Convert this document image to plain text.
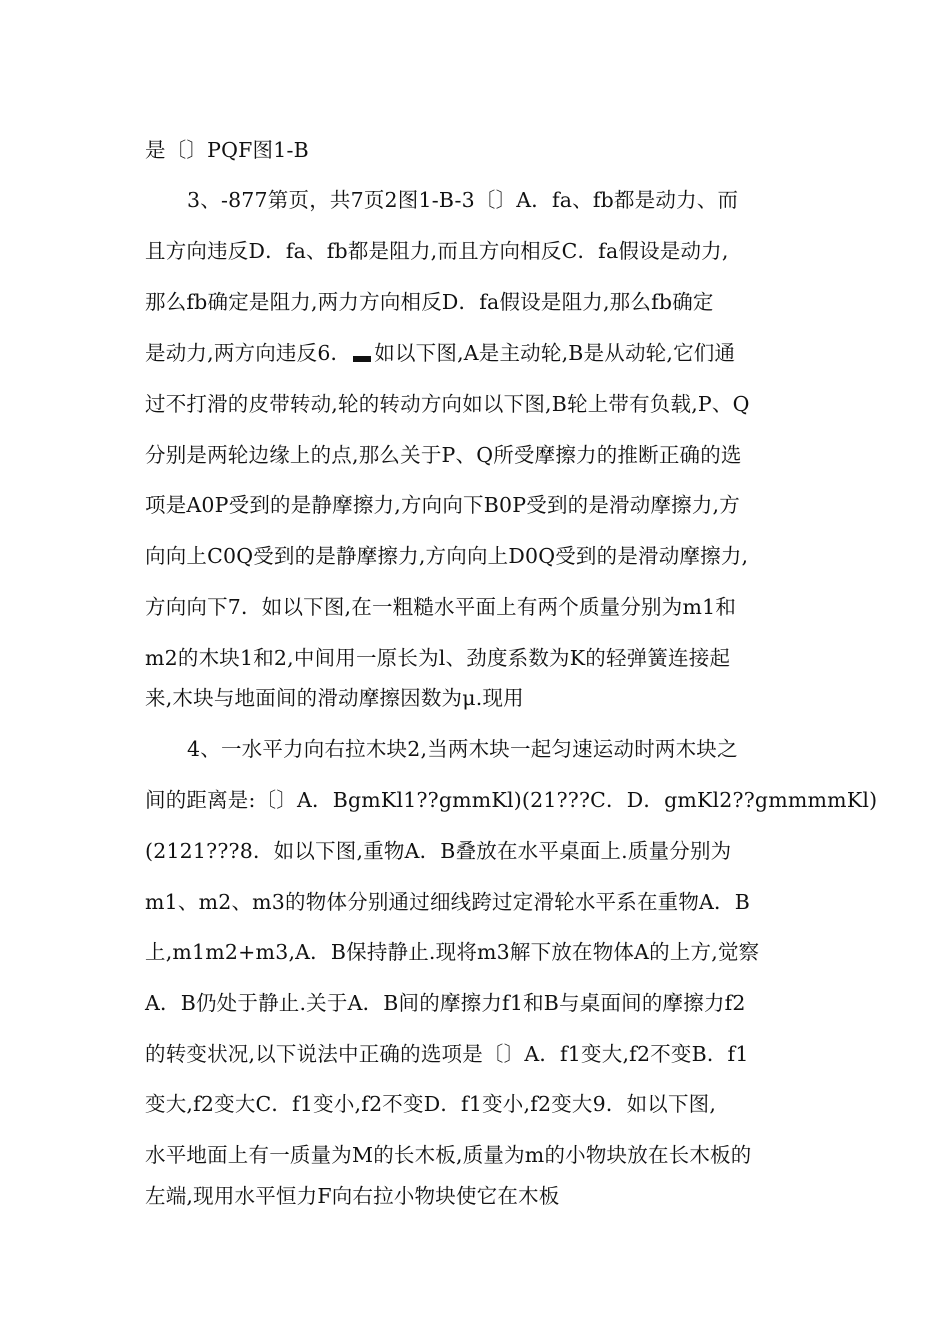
是〔〕PQF图1-B
3、-877第页，共7页2图1-B-3〔〕A．fa、fb都是动力、而
且方向违反D．fa、fb都是阻力,而且方向相反C．fa假设是动力,
那么fb确定是阻力,两力方向相反D．fa假设是阻力,那么fb确定
是动力,两方向违反6． 如以下图,A是主动轮,B是从动轮,它们通
过不打滑的皮带转动,轮的转动方向如以下图,B轮上带有负载,P、Q
分别是两轮边缘上的点,那么关于P、Q所受摩擦力的推断正确的选
项是A0P受到的是静摩擦力,方向向下B0P受到的是滑动摩擦力,方
向向上C0Q受到的是静摩擦力,方向向上D0Q受到的是滑动摩擦力,
方向向下7．如以下图,在一粗糙水平面上有两个质量分别为m1和
m2的木块1和2,中间用一原长为l、劲度系数为K的轻弹簧连接起
来,木块与地面间的滑动摩擦因数为μ.现用
4、一水平力向右拉木块2,当两木块一起匀速运动时两木块之
间的距离是:〔〕A．BgmKl1??gmmKl)(21???C．D．gmKl2??gmmmmKl)
(2121???8．如以下图,重物A．B叠放在水平桌面上.质量分别为
m1、m2、m3的物体分别通过细线跨过定滑轮水平系在重物A．B
上,m1m2+m3,A．B保持静止.现将m3解下放在物体A的上方,觉察
A．B仍处于静止.关于A．B间的摩擦力f1和B与桌面间的摩擦力f2
的转变状况,以下说法中正确的选项是〔〕A．f1变大,f2不变B．f1
变大,f2变大C．f1变小,f2不变D．f1变小,f2变大9．如以下图,
水平地面上有一质量为M的长木板,质量为m的小物块放在长木板的
左端,现用水平恒力F向右拉小物块使它在木板
